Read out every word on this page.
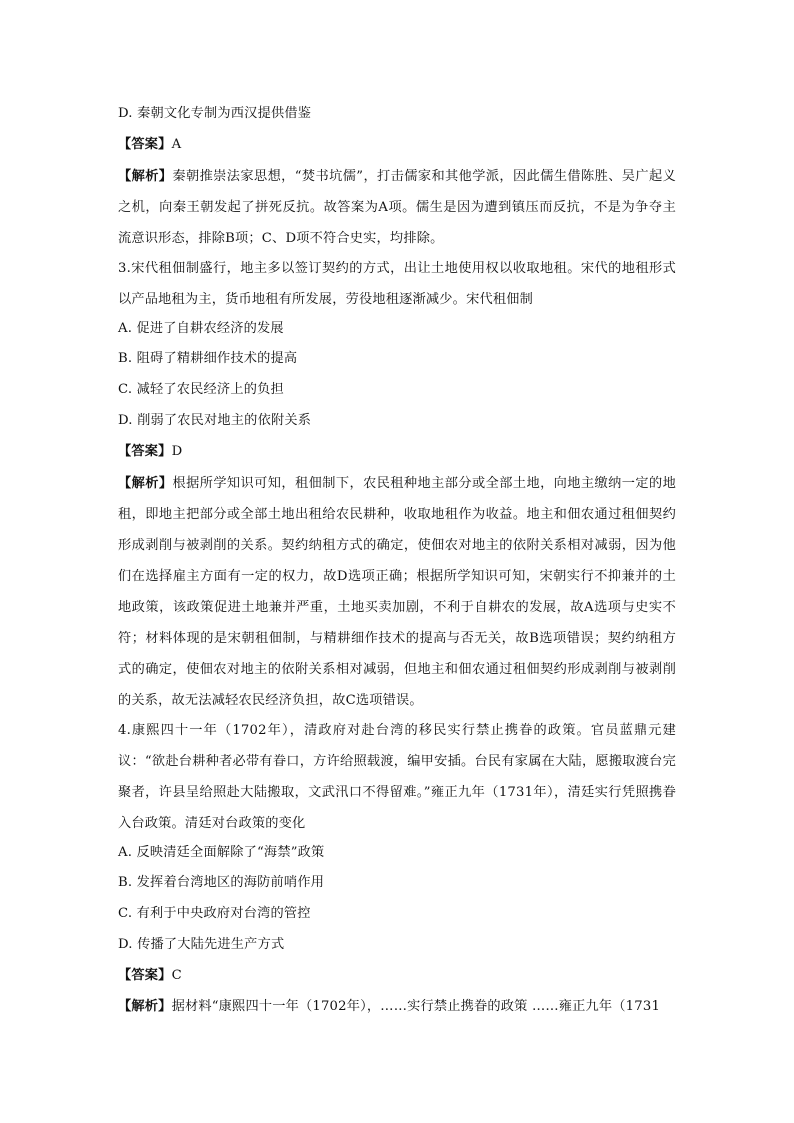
D. 秦朝文化专制为西汉提供借鉴
【答案】A
【解析】秦朝推崇法家思想，“焚书坑儒”，打击儒家和其他学派，因此儒生借陈胜、吴广起义之机，向秦王朝发起了拼死反抗。故答案为A项。儒生是因为遭到镇压而反抗，不是为争夺主流意识形态，排除B项；C、D项不符合史实，均排除。
3.宋代租佃制盛行，地主多以签订契约的方式，出让土地使用权以收取地租。宋代的地租形式以产品地租为主，货币地租有所发展，劳役地租逐渐减少。宋代租佃制
A. 促进了自耕农经济的发展
B. 阻碍了精耕细作技术的提高
C. 减轻了农民经济上的负担
D. 削弱了农民对地主的依附关系
【答案】D
【解析】根据所学知识可知，租佃制下，农民租种地主部分或全部土地，向地主缴纳一定的地租，即地主把部分或全部土地出租给农民耕种，收取地租作为收益。地主和佃农通过租佃契约形成剥削与被剥削的关系。契约纳租方式的确定，使佃农对地主的依附关系相对减弱，因为他们在选择雇主方面有一定的权力，故D选项正确；根据所学知识可知，宋朝实行不抑兼并的土地政策，该政策促进土地兼并严重，土地买卖加剧，不利于自耕农的发展，故A选项与史实不符；材料体现的是宋朝租佃制，与精耕细作技术的提高与否无关，故B选项错误；契约纳租方式的确定，使佃农对地主的依附关系相对减弱，但地主和佃农通过租佃契约形成剥削与被剥削的关系，故无法减轻农民经济负担，故C选项错误。
4.康熙四十一年（1702年），清政府对赴台湾的移民实行禁止携眷的政策。官员蓝鼎元建议：“欲赴台耕种者必带有眷口，方许给照载渡，编甲安插。台民有家属在大陆，愿搬取渡台完聚者，许县呈给照赴大陆搬取，文武汛口不得留难。”雍正九年（1731年），清廷实行凭照携眷入台政策。清廷对台政策的变化
A. 反映清廷全面解除了“海禁”政策
B. 发挥着台湾地区的海防前哨作用
C. 有利于中央政府对台湾的管控
D. 传播了大陆先进生产方式
【答案】C
【解析】据材料“康熙四十一年（1702年），……实行禁止携眷的政策 ……雍正九年（1731
